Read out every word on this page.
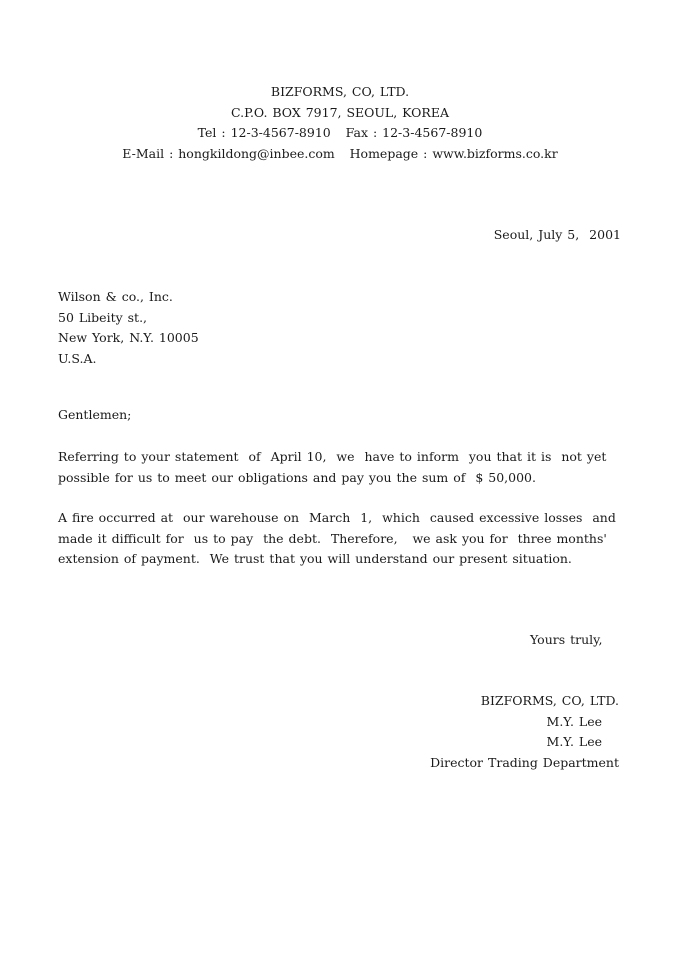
BIZFORMS, CO, LTD.
C.P.O. BOX 7917, SEOUL, KOREA
Tel : 12-3-4567-8910   Fax : 12-3-4567-8910
E-Mail : hongkildong@inbee.com   Homepage : www.bizforms.co.kr
Seoul, July 5,  2001
Wilson & co., Inc.
50 Libeity st.,
New York, N.Y. 10005
U.S.A.
Gentlemen;
Referring to your statement  of  April 10,  we  have to inform  you that it is  not yet
possible for us to meet our obligations and pay you the sum of  $ 50,000.
A fire occurred at  our warehouse on  March  1,  which  caused excessive losses  and
made it difficult for  us to pay  the debt.  Therefore,   we ask you for  three months'
extension of payment.  We trust that you will understand our present situation.
Yours truly,
BIZFORMS, CO, LTD.
M.Y. Lee
M.Y. Lee
Director Trading Department
